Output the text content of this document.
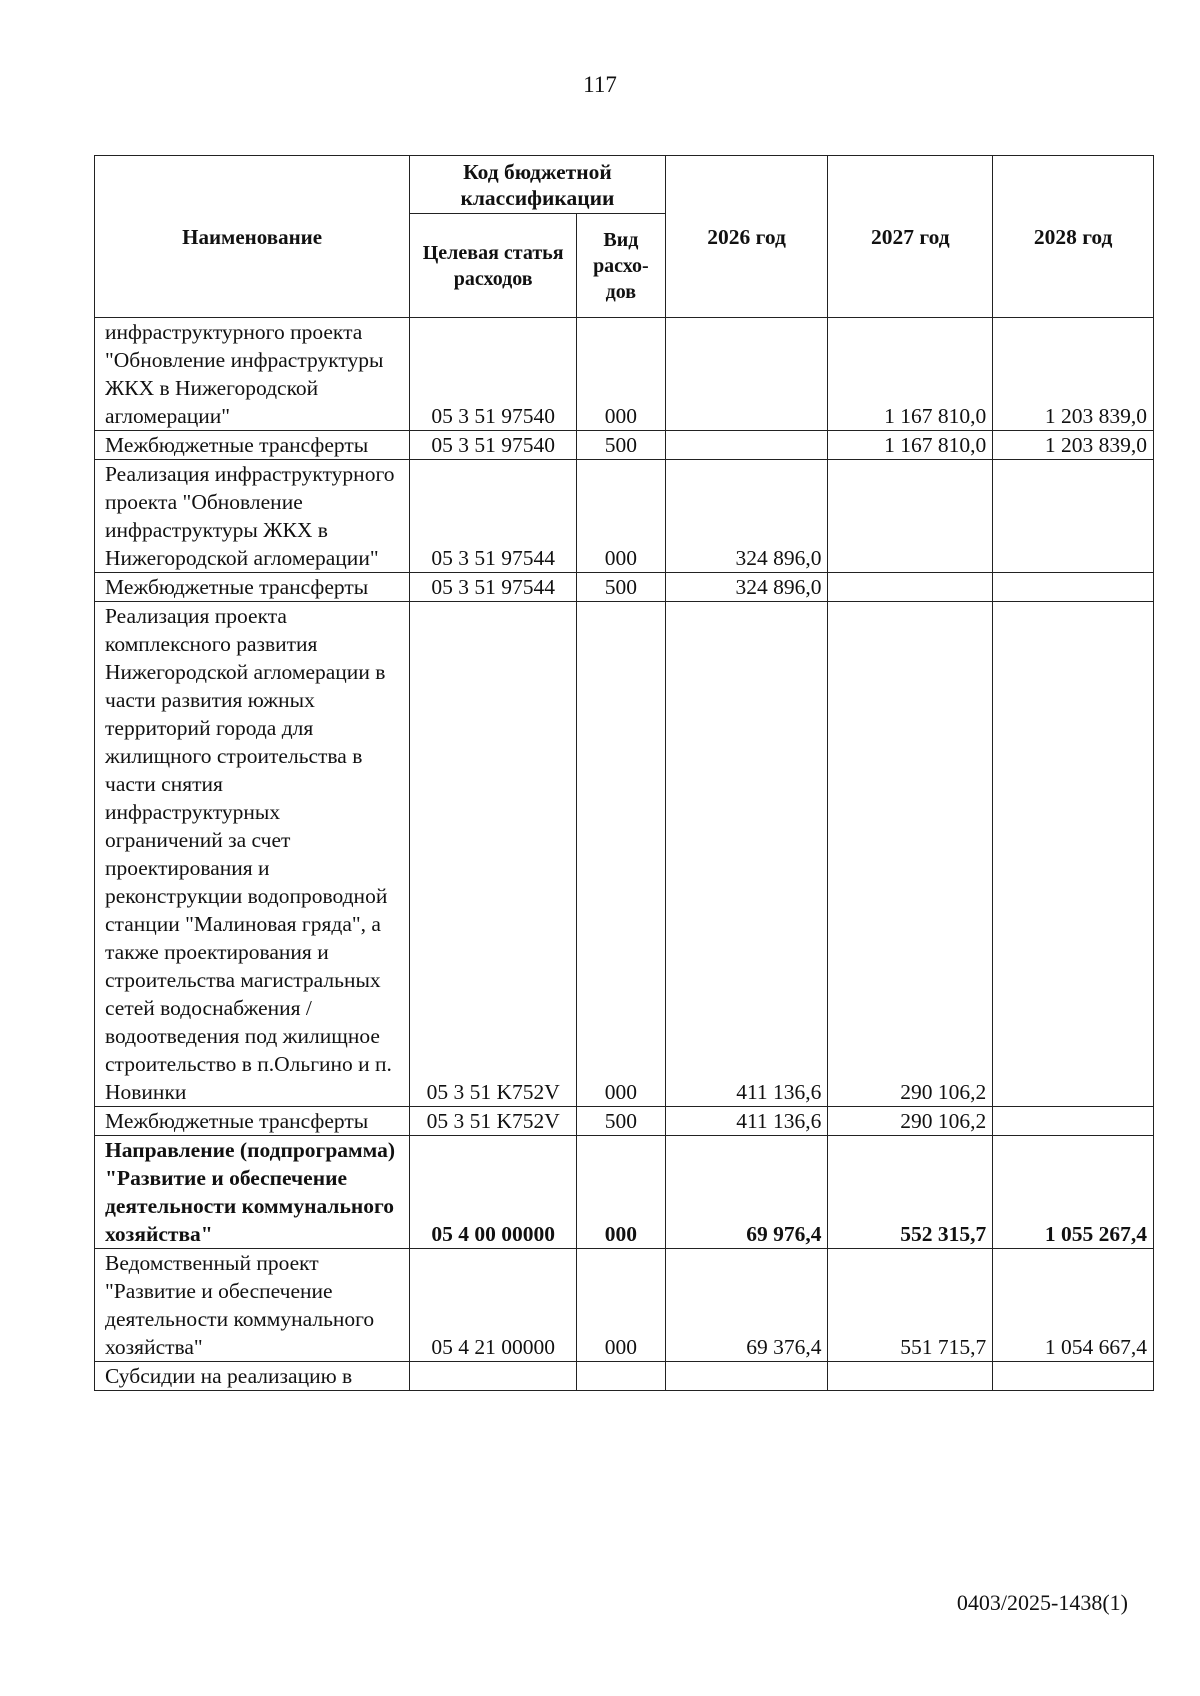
117
Наименование	Код бюджетной классификации		2026 год	2027 год	2028 год
	Целевая статья расходов	Вид расхо-дов			
инфраструктурного проекта "Обновление инфраструктуры ЖКХ в Нижегородской агломерации"	05 3 51 97540	000		1 167 810,0	1 203 839,0
Межбюджетные трансферты	05 3 51 97540	500		1 167 810,0	1 203 839,0
Реализация инфраструктурного проекта "Обновление инфраструктуры ЖКХ в Нижегородской агломерации"	05 3 51 97544	000	324 896,0		
Межбюджетные трансферты	05 3 51 97544	500	324 896,0		
Реализация проекта комплексного развития Нижегородской агломерации в части развития южных территорий города для жилищного строительства в части снятия инфраструктурных ограничений за счет проектирования и реконструкции водопроводной станции "Малиновая гряда", а также проектирования и строительства магистральных сетей водоснабжения / водоотведения под жилищное строительство в п.Ольгино и п. Новинки	05 3 51 K752V	000	411 136,6	290 106,2	
Межбюджетные трансферты	05 3 51 K752V	500	411 136,6	290 106,2	
Направление (подпрограмма) "Развитие и обеспечение деятельности коммунального хозяйства"	05 4 00 00000	000	69 976,4	552 315,7	1 055 267,4
Ведомственный проект "Развитие и обеспечение деятельности коммунального хозяйства"	05 4 21 00000	000	69 376,4	551 715,7	1 054 667,4
Субсидии на реализацию в					
0403/2025-1438(1)
